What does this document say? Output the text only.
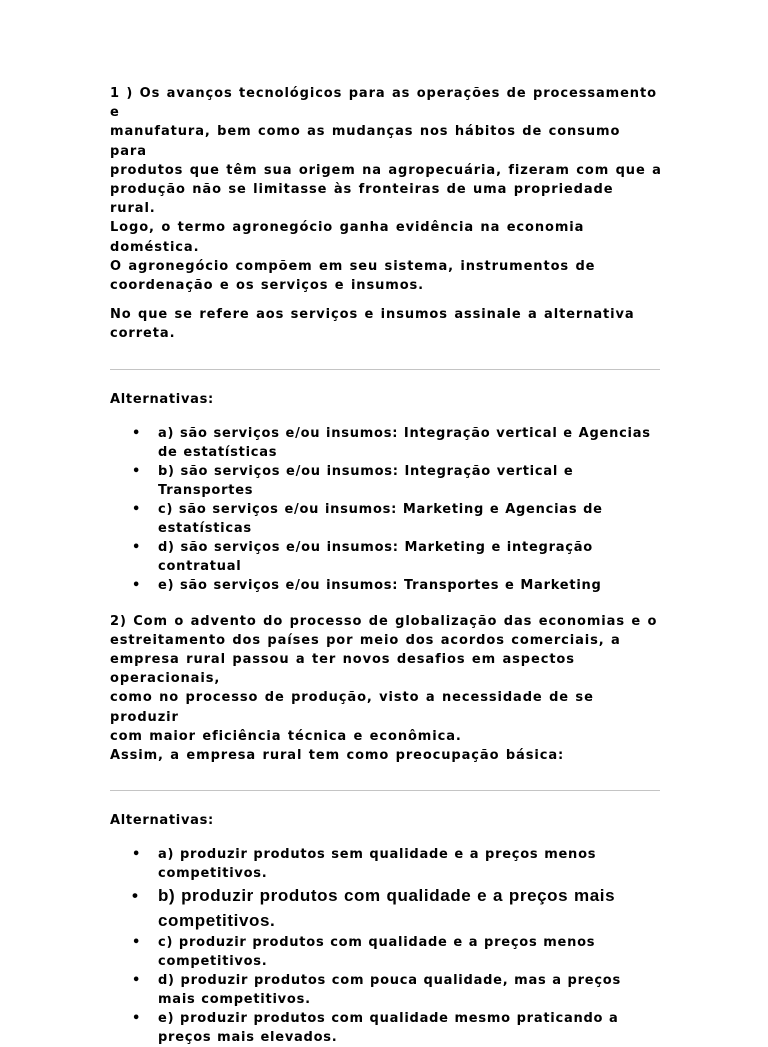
1 ) Os avanços tecnológicos para as operações de processamento e
manufatura, bem como as mudanças nos hábitos de consumo para
produtos que têm sua origem na agropecuária, fizeram com que a
produção não se limitasse às fronteiras de uma propriedade rural.
Logo, o termo agronegócio ganha evidência na economia doméstica.
O agronegócio compõem em seu sistema, instrumentos de
coordenação e os serviços e insumos.

No que se refere aos serviços e insumos assinale a alternativa
correta.

Alternativas:

• a) são serviços e/ou insumos: Integração vertical e Agencias de estatísticas
• b) são serviços e/ou insumos: Integração vertical e Transportes
• c) são serviços e/ou insumos: Marketing e Agencias de estatísticas
• d) são serviços e/ou insumos: Marketing e integração contratual
• e) são serviços e/ou insumos: Transportes e Marketing

2) Com o advento do processo de globalização das economias e o
estreitamento dos países por meio dos acordos comerciais, a
empresa rural passou a ter novos desafios em aspectos operacionais,
como no processo de produção, visto a necessidade de se produzir
com maior eficiência técnica e econômica.
Assim, a empresa rural tem como preocupação básica:

Alternativas:

• a) produzir produtos sem qualidade e a preços menos competitivos.
• b) produzir produtos com qualidade e a preços mais competitivos.
• c) produzir produtos com qualidade e a preços menos competitivos.
• d) produzir produtos com pouca qualidade, mas a preços mais competitivos.
• e) produzir produtos com qualidade mesmo praticando a preços mais elevados.
